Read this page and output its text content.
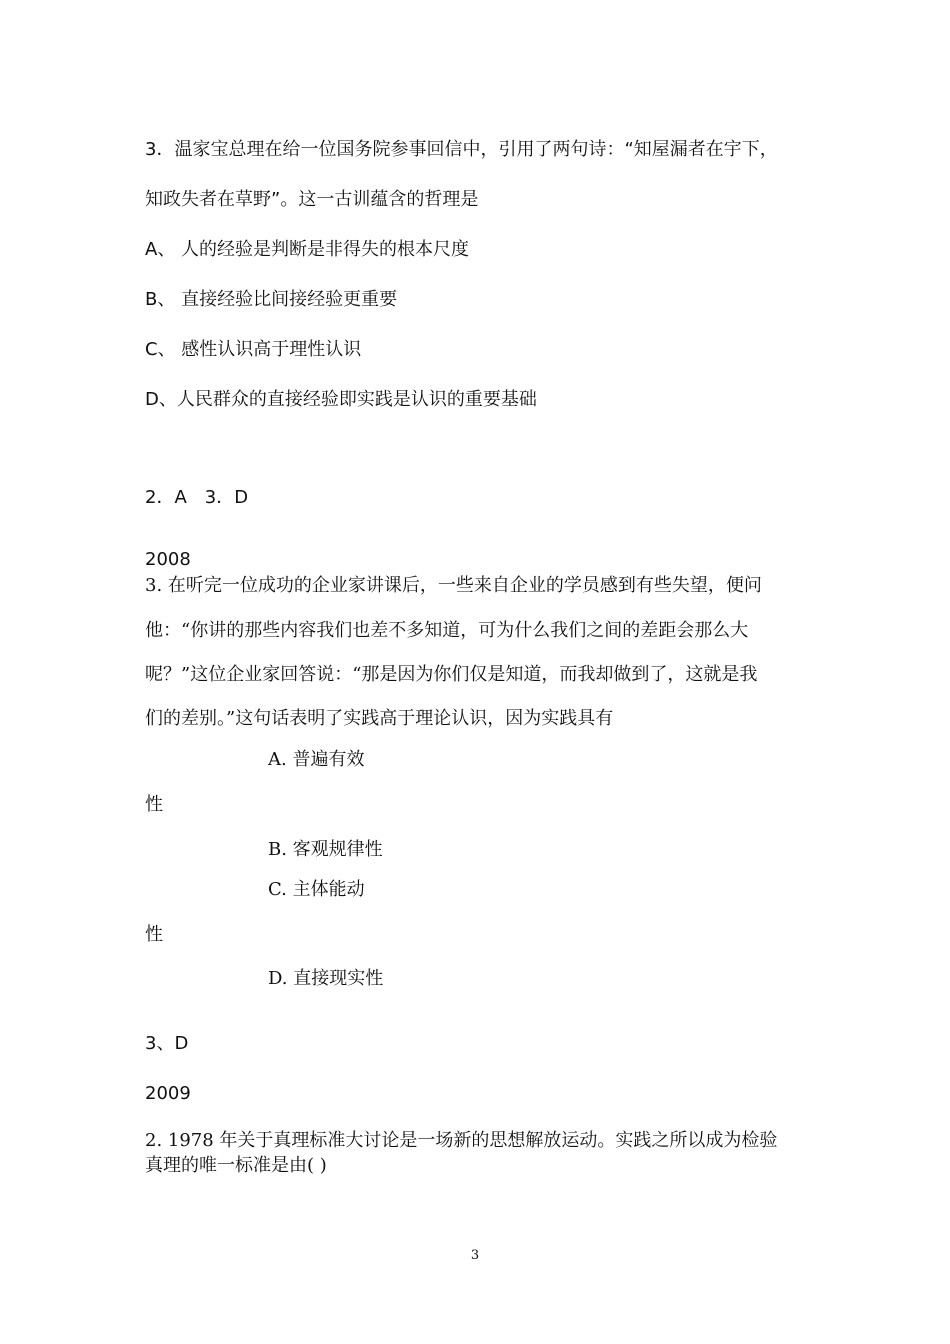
3．温家宝总理在给一位国务院参事回信中，引用了两句诗：“知屋漏者在宇下，
知政失者在草野”。这一古训蕴含的哲理是
A、 人的经验是判断是非得失的根本尺度
B、 直接经验比间接经验更重要
C、 感性认识高于理性认识
D、人民群众的直接经验即实践是认识的重要基础
2．A　3．D
2008
3. 在听完一位成功的企业家讲课后，一些来自企业的学员感到有些失望，便问
他：“你讲的那些内容我们也差不多知道，可为什么我们之间的差距会那么大
呢？”这位企业家回答说：“那是因为你们仅是知道，而我却做到了，这就是我
们的差别。”这句话表明了实践高于理论认识，因为实践具有
A. 普遍有效
性
B. 客观规律性
C. 主体能动
性
D. 直接现实性
3、D
2009
2. 1978 年关于真理标准大讨论是一场新的思想解放运动。实践之所以成为检验
真理的唯一标准是由( )
3
